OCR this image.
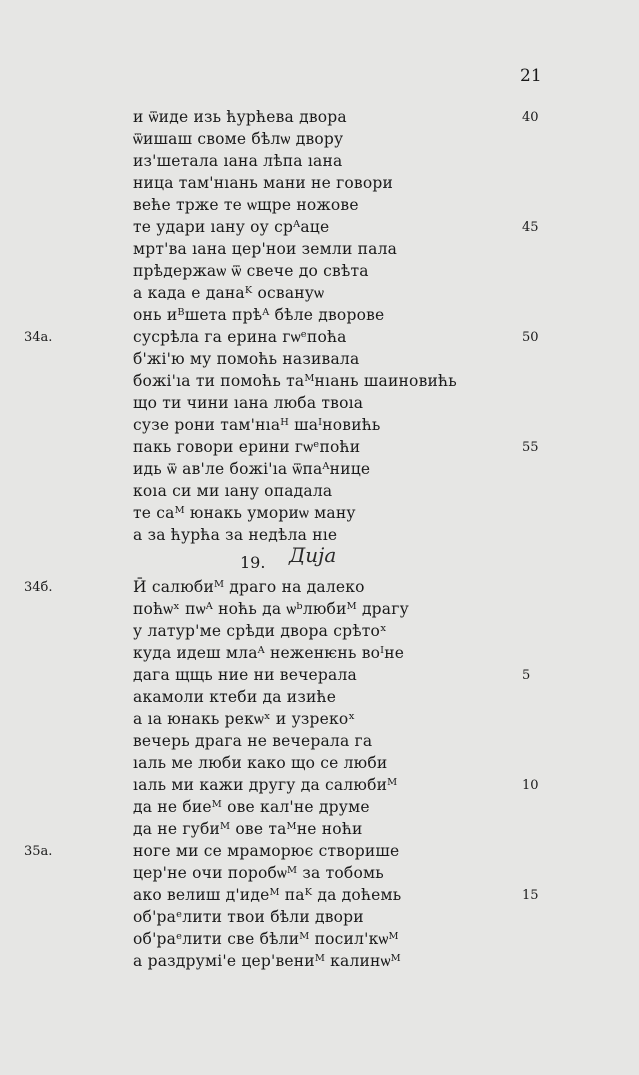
21
и ѿиде изь ћурћева двора
ѿишаш своме бѣлѡ двору
из'шетала ıана лѣпа ıана
ница там'нıань мани не говори
веће трже те ѡщре ножове
те удари ıану оу срᴬаце
мрт'ва ıана цер'нои земли пала
прѣдержаѡ ѿ свече до свѣта
а када е данаᴷ освануѡ
онь иᴮшета прѣᴬ бѣле дворове
сусрѣла га ерина гѡᵉпоћа
б'жi'ю му помоћь називала
божi'ıа ти помоћь таᴹнıань шаиновићь
що ти чини ıана люба твоıа
сузе рони там'нıаᴴ шаᴵновићь
пакь говори ерини гѡᵉпоћи
идь ѿ ав'ле божi'ıа ѿпаᴬнице
коıа си ми ıану опадала
те саᴹ юнакь умориѡ ману
а за ћурћа за недѣла нıе
19. Дија
Ӣ салюбиᴹ драго на далеко
поћѡˣ пѡᴬ ноћь да ѡᵇлюбиᴹ драгу
у латур'ме срѣди двора срѣтоˣ
куда идеш млаᴬ неженѥнь воᴵне
дага щщь ние ни вечерала
акамоли ктеби да изиће
а ıа юнакь рекѡˣ и узрекоˣ
вечерь драга не вечерала га
ıаль ме люби како що се люби
ıаль ми кажи другу да салюбиᴹ
да не биеᴹ ове кал'не друме
да не губиᴹ ове таᴹне ноћи
ноге ми се мраморює створише
цер'не очи поробѡᴹ за тобомь
ако велиш д'идеᴹ паᴷ да доћемь
об'раᵉлити твои бѣли двори
об'раᵉлити све бѣлиᴹ посил'кѡᴹ
а раздрумi'е цер'вениᴹ калинѡᴹ
40
45
50
55
5
10
15
34a.
34б.
35a.
